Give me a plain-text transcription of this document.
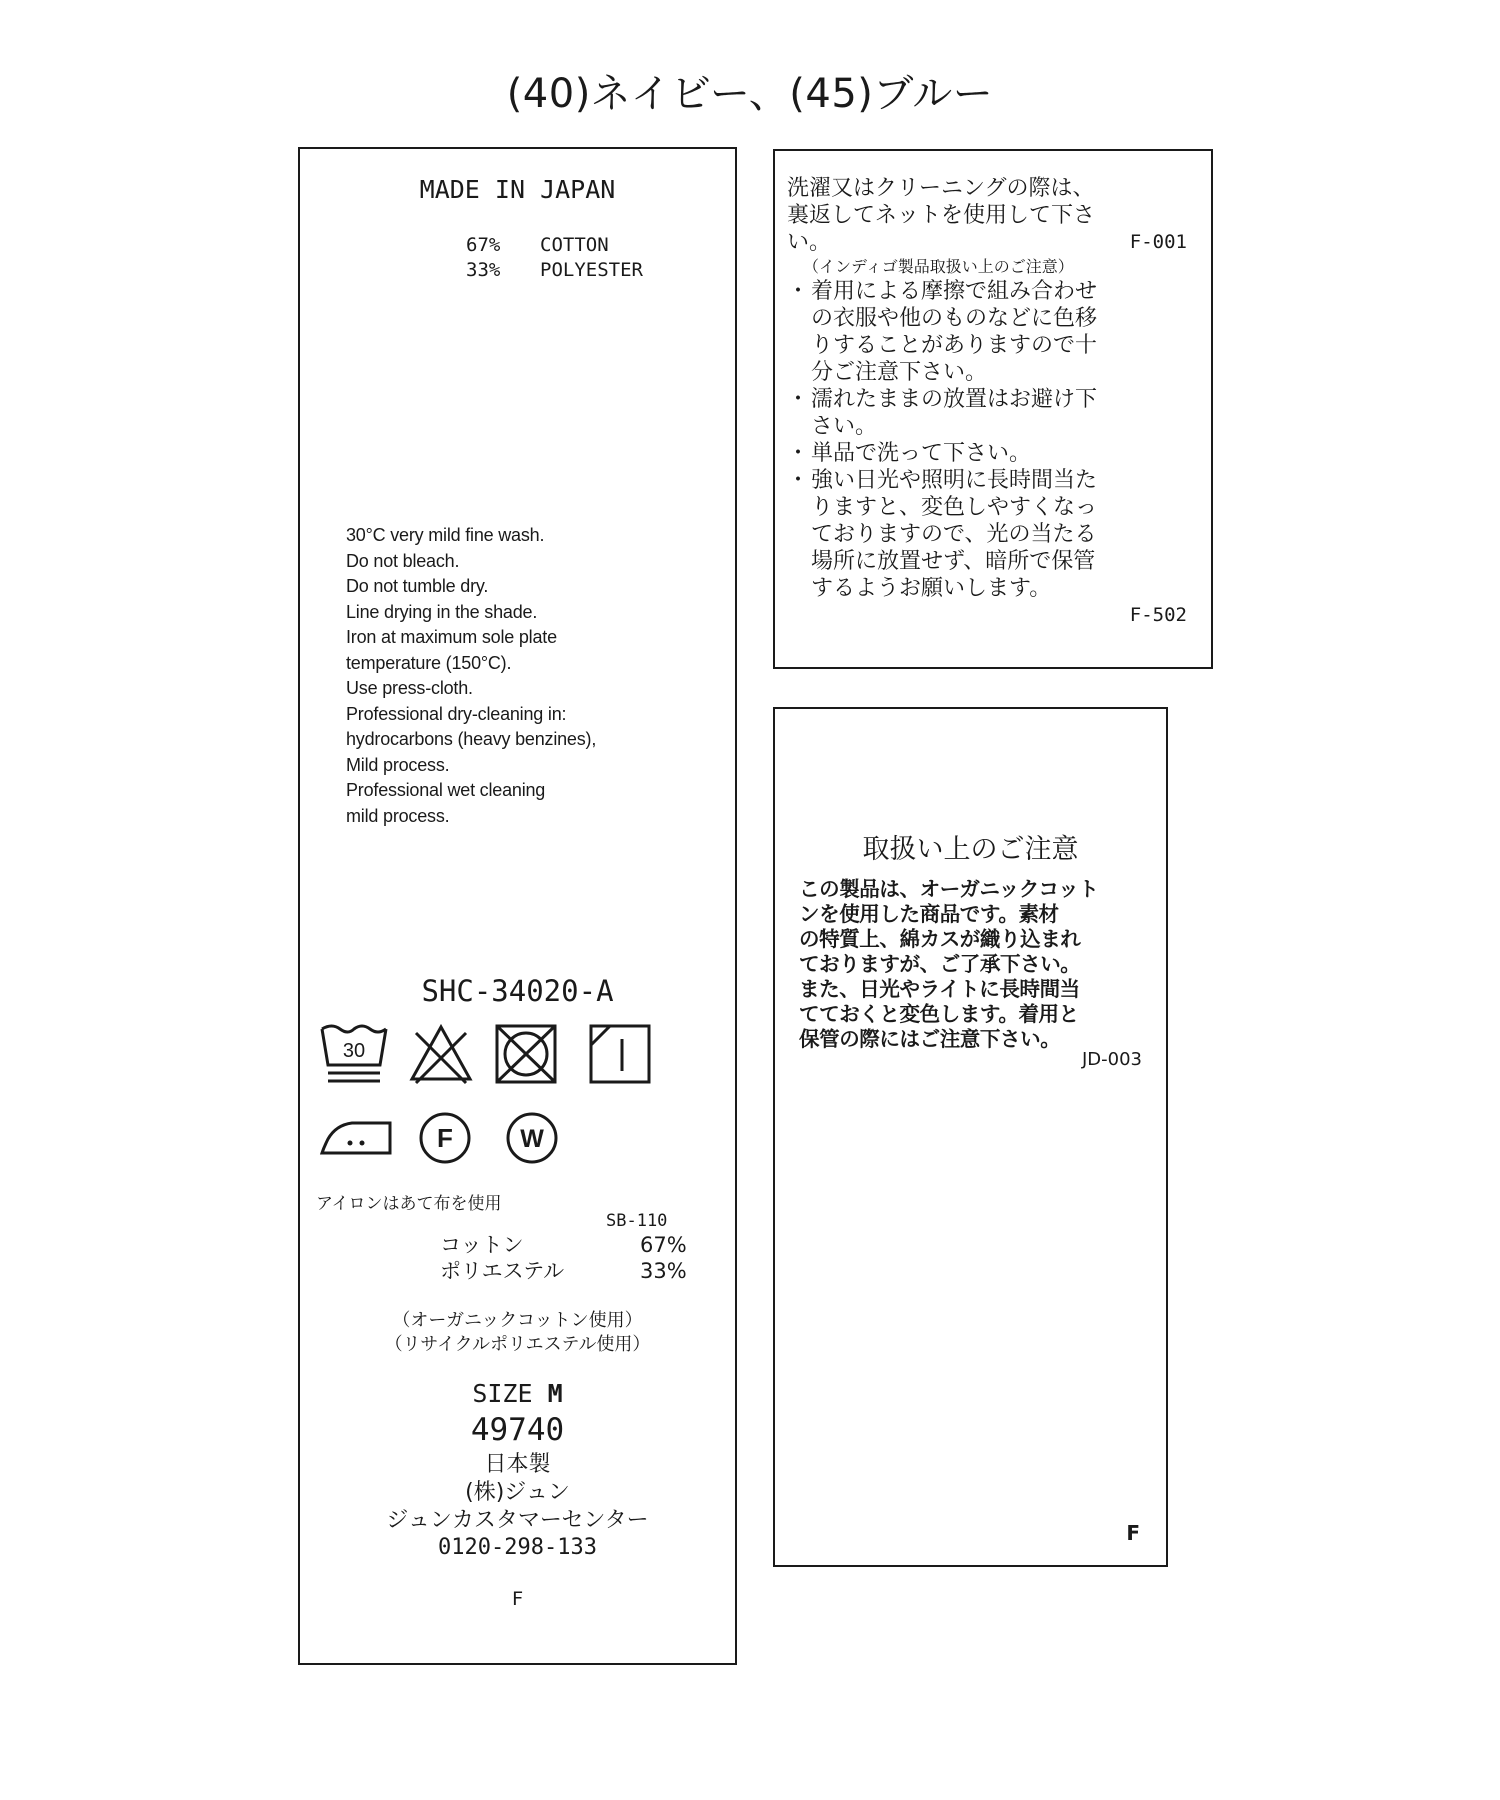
(40)ネイビー、(45)ブルー
MADE IN JAPAN
67%	COTTON
33%	POLYESTER
30°C very mild fine wash.
Do not bleach.
Do not tumble dry.
Line drying in the shade.
Iron at maximum sole plate
temperature (150°C).
Use press-cloth.
Professional dry-cleaning in:
hydrocarbons (heavy benzines),
Mild process.
Professional wet cleaning
mild process.
SHC-34020-A
30
F	W
アイロンはあて布を使用
SB-110
コットン	67%
ポリエステル	33%
（オーガニックコットン使用）
（リサイクルポリエステル使用）
SIZE M
49740
日本製
(株)ジュン
ジュンカスタマーセンター
0120-298-133
F
洗濯又はクリーニングの際は、
裏返してネットを使用して下さ
い。	F-001
（インディゴ製品取扱い上のご注意）
・ 着用による摩擦で組み合わせ
の衣服や他のものなどに色移
りすることがありますので十
分ご注意下さい。
・ 濡れたままの放置はお避け下
さい。
・ 単品で洗って下さい。
・ 強い日光や照明に長時間当た
りますと、変色しやすくなっ
ておりますので、光の当たる
場所に放置せず、暗所で保管
するようお願いします。
F-502
取扱い上のご注意
この製品は、オーガニックコット
ンを使用した商品です。素材
の特質上、綿カスが織り込まれ
ておりますが、ご了承下さい。
また、日光やライトに長時間当
てておくと変色します。着用と
保管の際にはご注意下さい。
JD-003
F
